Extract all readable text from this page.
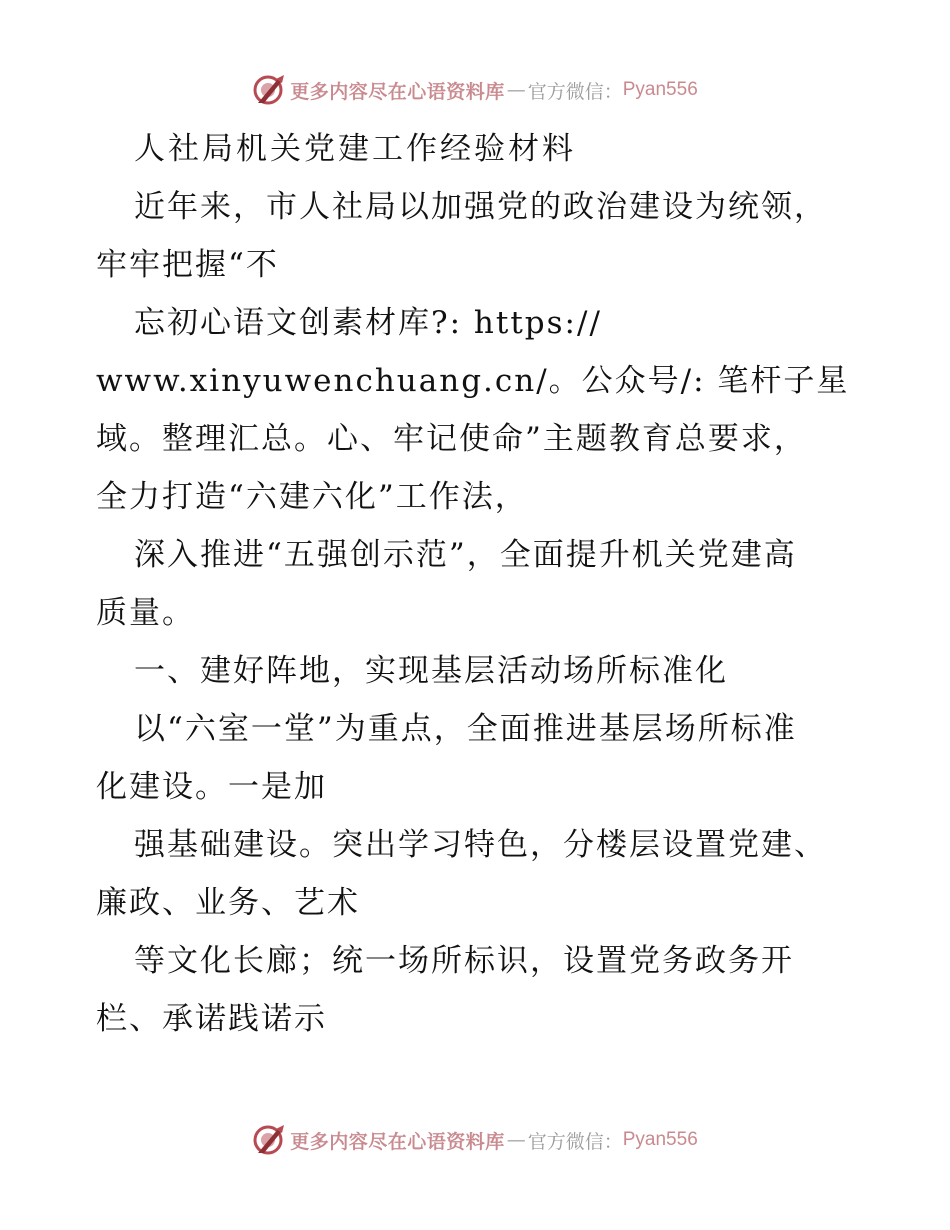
更多内容尽在心语资料库 — 官方微信： Pyan556
人社局机关党建工作经验材料
近年来，市人社局以加强党的政治建设为统领，
牢牢把握“不
忘初心语文创素材库?: https://
www.xinyuwenchuang.cn/。公众号/: 笔杆子星
域。整理汇总。心、牢记使命”主题教育总要求，
全力打造“六建六化”工作法，
深入推进“五强创示范”，全面提升机关党建高
质量。
一、建好阵地，实现基层活动场所标准化
以“六室一堂”为重点，全面推进基层场所标准
化建设。一是加
强基础建设。突出学习特色，分楼层设置党建、
廉政、业务、艺术
等文化长廊；统一场所标识，设置党务政务开
栏、承诺践诺示
更多内容尽在心语资料库 — 官方微信： Pyan556
